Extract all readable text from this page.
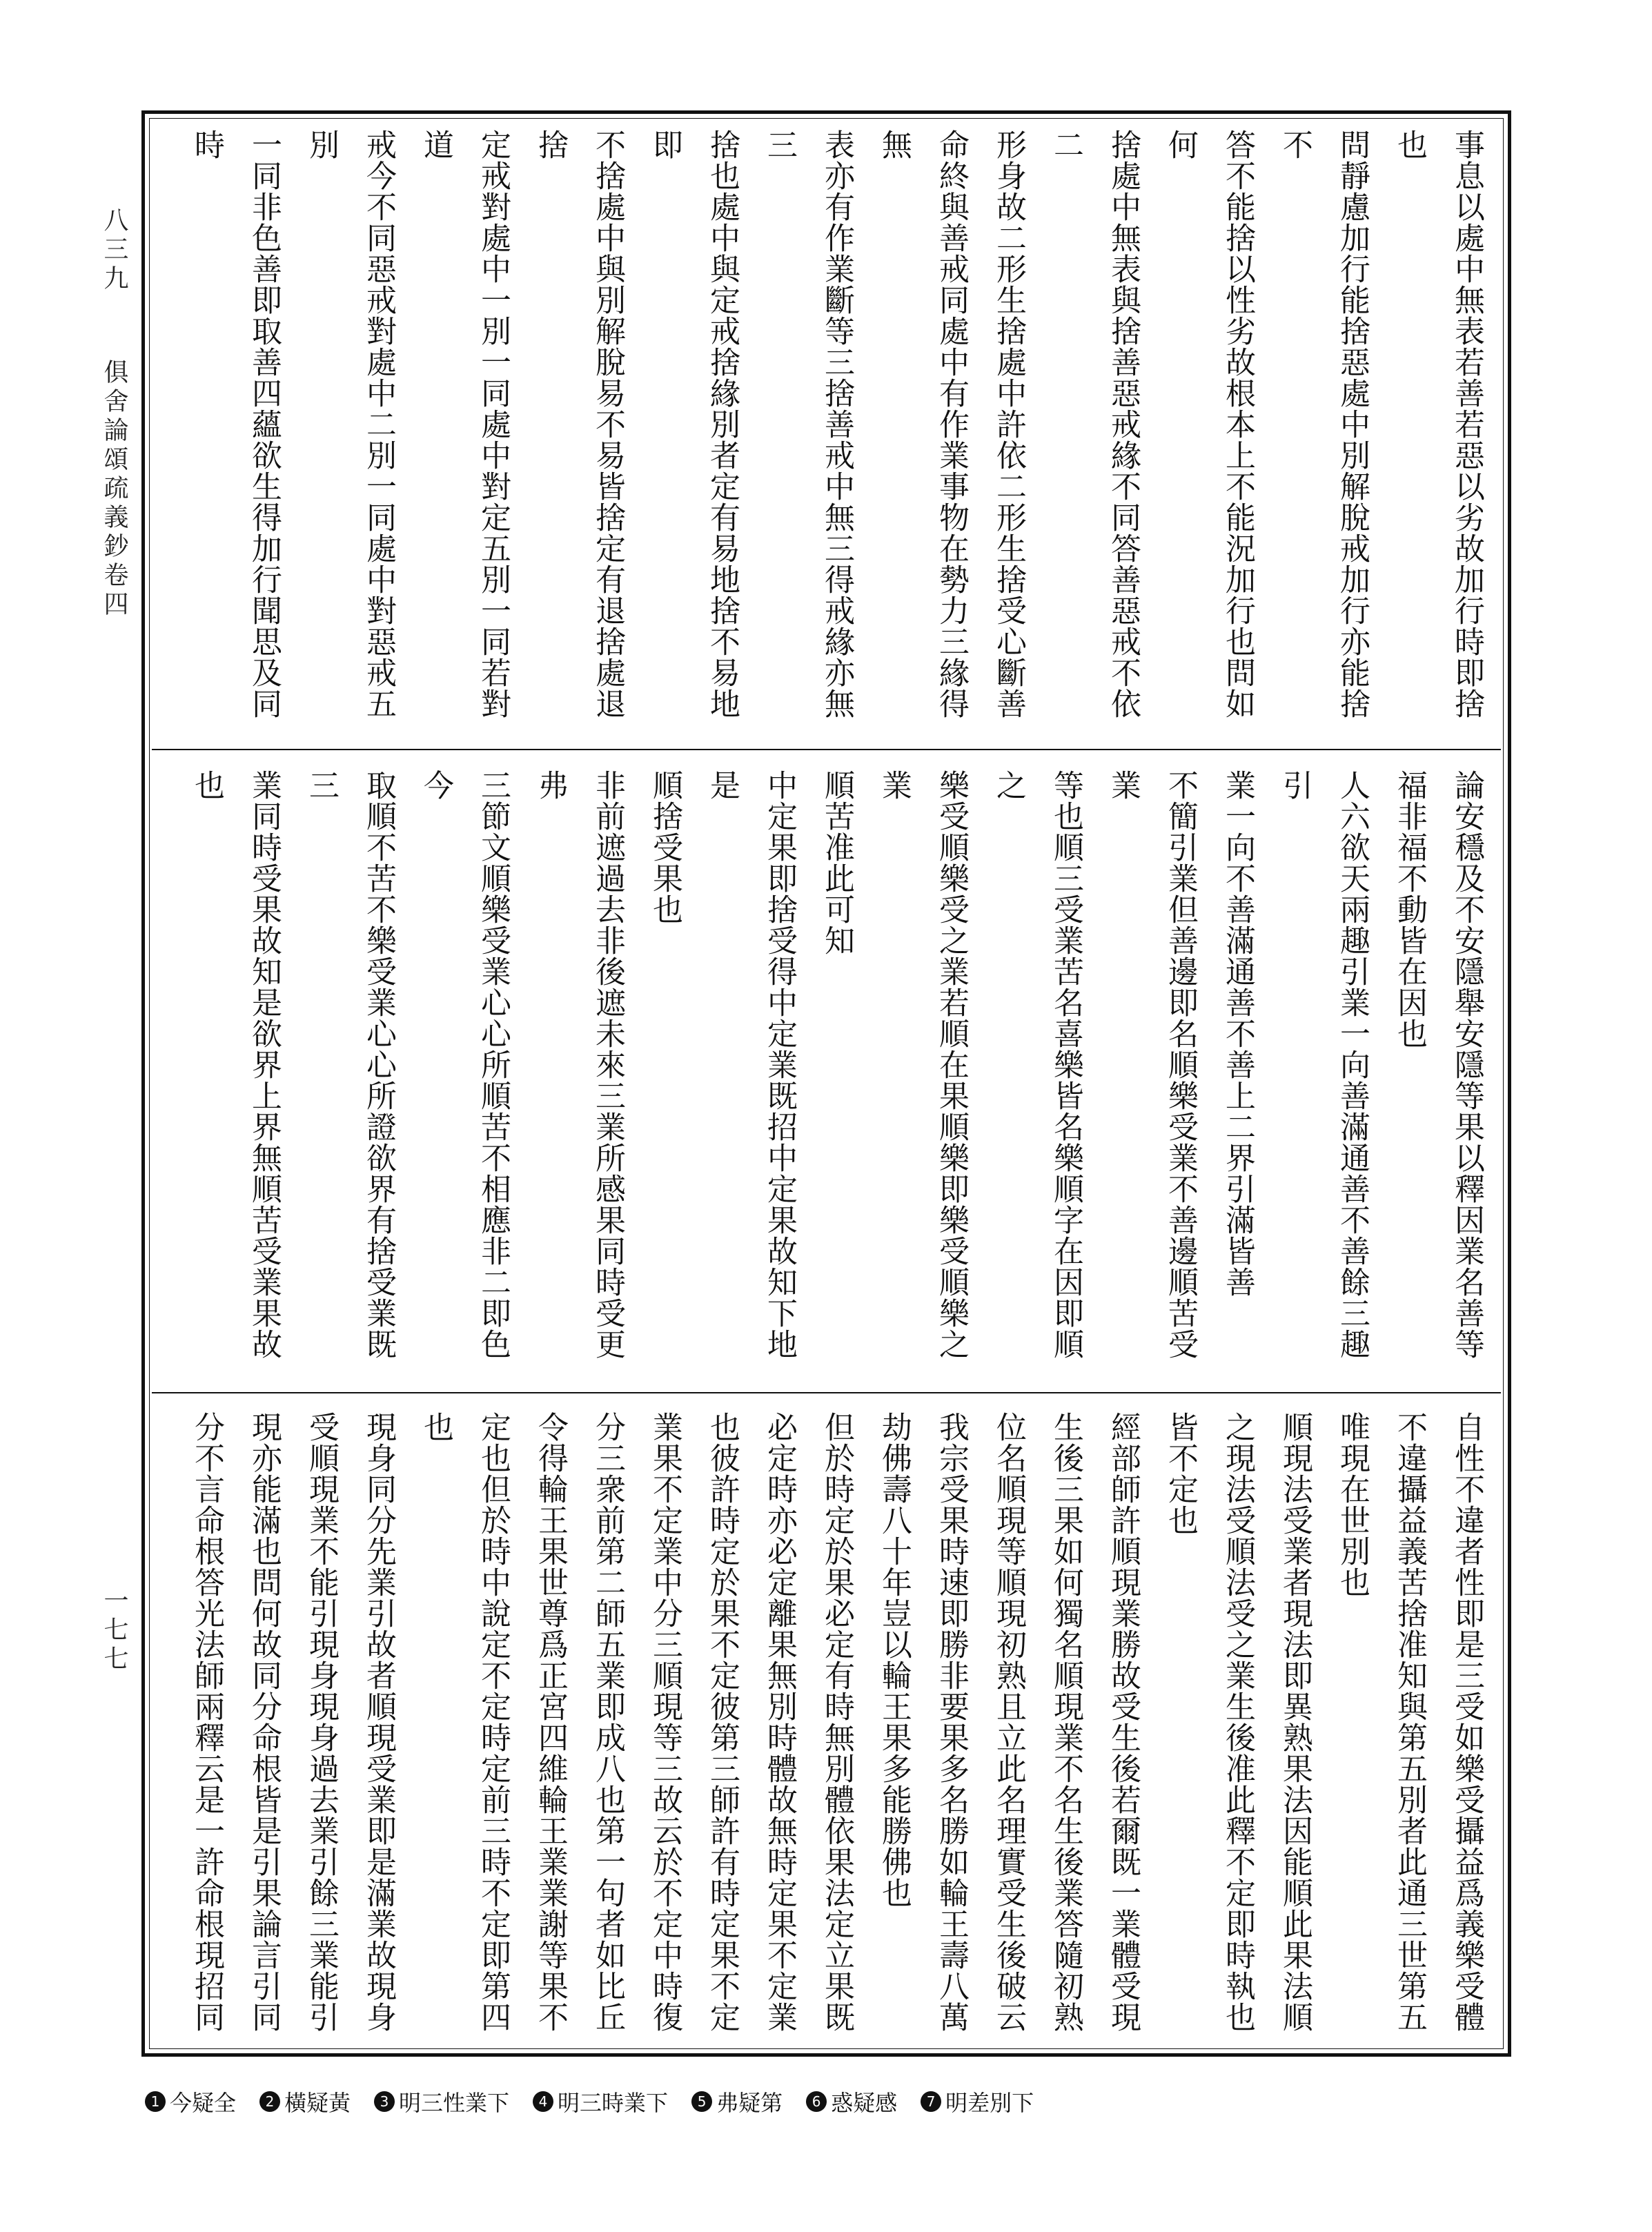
八三九
俱舍論頌疏義鈔卷四
一七七
事息以處中無表若善若惡以劣故加行時即捨也
問靜慮加行能捨惡處中別解脫戒加行亦能捨不
答不能捨以性劣故根本上不能況加行也問如何
捨處中無表與捨善惡戒緣不同答善惡戒不依二
形身故二形生捨處中許依二形生捨受心斷善
命終與善戒同處中有作業事物在勢力三緣得無
表亦有作業斷等三捨善戒中無三得戒緣亦無三
捨也處中與定戒捨緣別者定有易地捨不易地即
不捨處中與別解脫易不易皆捨定有退捨處退捨
定戒對處中一別一同處中對定五別一同若對道
戒今不同惡戒對處中二別一同處中對惡戒五別
一同非色善即取善四蘊欲生得加行聞思及同時
論安穩及不安隱舉安隱等果以釋因業名善等
福非福不動皆在因也
人六欲天兩趣引業一向善滿通善不善餘三趣引
業一向不善滿通善不善上二界引滿皆善
不簡引業但善邊即名順樂受業不善邊順苦受業
等也順三受業苦名喜樂皆名樂順字在因即順之
樂受順樂受之業若順在果順樂即樂受順樂之業
順苦准此可知
中定果即捨受得中定業既招中定果故知下地是
順捨受果也
非前遮過去非後遮未來三業所感果同時受更弗
三節文順樂受業心心所順苦不相應非二即色今
取順不苦不樂受業心心所證欲界有捨受業既三
業同時受果故知是欲界上界無順苦受業果故也
自性不違者性即是三受如樂受攝益爲義樂受體
不違攝益義苦捨准知與第五別者此通三世第五
唯現在世別也
順現法受業者現法即異熟果法因能順此果法順
之現法受順法受之業生後准此釋不定即時執也
皆不定也
經部師許順現業勝故受生後若爾既一業體受現
生後三果如何獨名順現業不名生後業答隨初熟
位名順現等順現初熟且立此名理實受生後破云
我宗受果時速即勝非要果多名勝如輪王壽八萬
劫佛壽八十年豈以輪王果多能勝佛也
但於時定於果必定有時無別體依果法定立果既
必定時亦必定離果無別時體故無時定果不定業
也彼許時定於果不定彼第三師許有時定果不定
業果不定業中分三順現等三故云於不定中時復
分三衆前第二師五業即成八也第一句者如比丘
令得輪王果世尊爲正宮四維輪王業業謝等果不
定也但於時中說定不定時定前三時不定即第四
也
現身同分先業引故者順現受業即是滿業故現身
受順現業不能引現身現身過去業引餘三業能引
現亦能滿也問何故同分命根皆是引果論言引同
分不言命根答光法師兩釋云是一許命根現招同
1 今疑全	2 橫疑黃	3 明三性業下	4 明三時業下	5 弗疑第	6 惑疑感	7 明差別下
